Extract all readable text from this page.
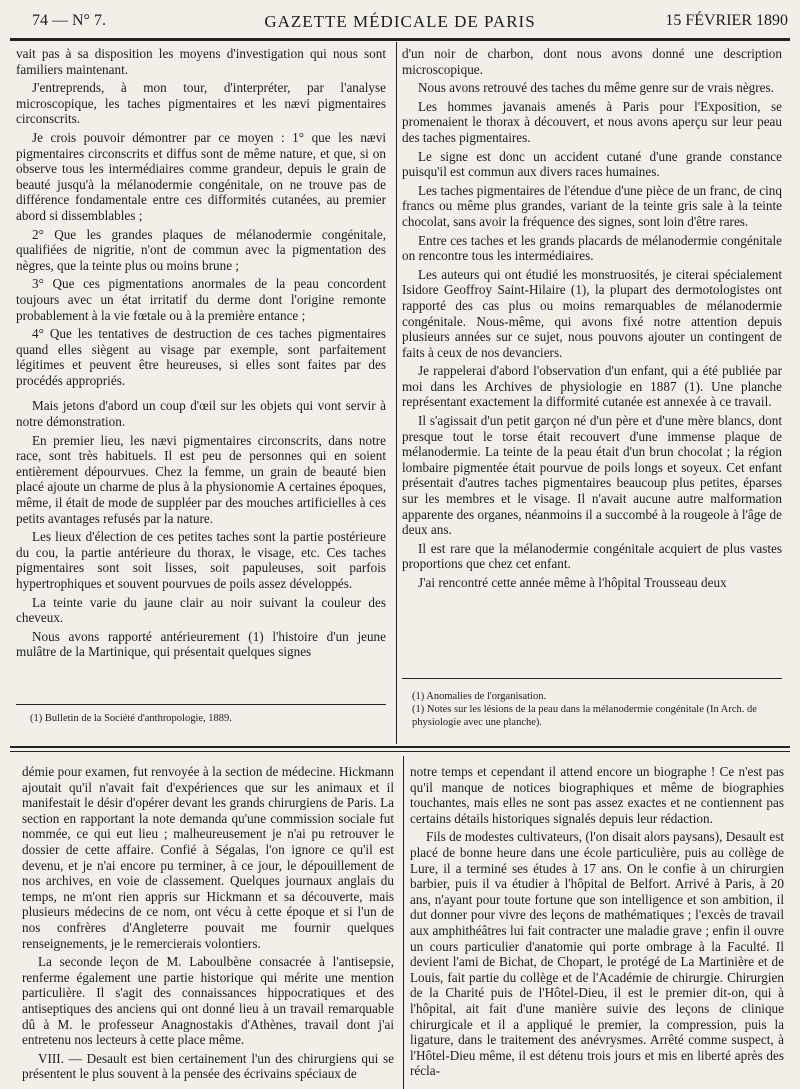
74 — N° 7.	GAZETTE MÉDICALE DE PARIS	15 FÉVRIER 1890

vait pas à sa disposition les moyens d'investigation qui nous sont familiers maintenant.

J'entreprends, à mon tour, d'interpréter, par l'analyse microscopique, les taches pigmentaires et les nævi pigmentaires circonscrits.

Je crois pouvoir démontrer par ce moyen : 1° que les nævi pigmentaires circonscrits et diffus sont de même nature, et que, si on observe tous les intermédiaires comme grandeur, depuis le grain de beauté jusqu'à la mélanodermie congénitale, on ne trouve pas de différence fondamentale entre ces difformités cutanées, au premier abord si dissemblables ;

2° Que les grandes plaques de mélanodermie congénitale, qualifiées de nigritie, n'ont de commun avec la pigmentation des nègres, que la teinte plus ou moins brune ;

3° Que ces pigmentations anormales de la peau concordent toujours avec un état irritatif du derme dont l'origine remonte probablement à la vie fœtale ou à la première entance ;

4° Que les tentatives de destruction de ces taches pigmentaires quand elles siègent au visage par exemple, sont parfaitement légitimes et peuvent être heureuses, si elles sont faites par des procédés appropriés.

Mais jetons d'abord un coup d'œil sur les objets qui vont servir à notre démonstration.

En premier lieu, les nævi pigmentaires circonscrits, dans notre race, sont très habituels. Il est peu de personnes qui en soient entièrement dépourvues. Chez la femme, un grain de beauté bien placé ajoute un charme de plus à la physionomie A certaines époques, même, il était de mode de suppléer par des mouches artificielles à ces petits avantages refusés par la nature.

Les lieux d'élection de ces petites taches sont la partie postérieure du cou, la partie antérieure du thorax, le visage, etc. Ces taches pigmentaires sont soit lisses, soit papuleuses, soit parfois hypertrophiques et souvent pourvues de poils assez développés.

La teinte varie du jaune clair au noir suivant la couleur des cheveux.

Nous avons rapporté antérieurement (1) l'histoire d'un jeune mulâtre de la Martinique, qui présentait quelques signes

(1) Bulletin de la Société d'anthropologie, 1889.

d'un noir de charbon, dont nous avons donné une description microscopique.

Nous avons retrouvé des taches du même genre sur de vrais nègres.

Les hommes javanais amenés à Paris pour l'Exposition, se promenaient le thorax à découvert, et nous avons aperçu sur leur peau des taches pigmentaires.

Le signe est donc un accident cutané d'une grande constance puisqu'il est commun aux divers races humaines.

Les taches pigmentaires de l'étendue d'une pièce de un franc, de cinq francs ou même plus grandes, variant de la teinte gris sale à la teinte chocolat, sans avoir la fréquence des signes, sont loin d'être rares.

Entre ces taches et les grands placards de mélanodermie congénitale on rencontre tous les intermédiaires.

Les auteurs qui ont étudié les monstruosités, je citerai spécialement Isidore Geoffroy Saint-Hilaire (1), la plupart des dermotologistes ont rapporté des cas plus ou moins remarquables de mélanodermie congénitale. Nous-même, qui avons fixé notre attention depuis plusieurs années sur ce sujet, nous pouvons ajouter un contingent de faits à ceux de nos devanciers.

Je rappelerai d'abord l'observation d'un enfant, qui a été publiée par moi dans les Archives de physiologie en 1887 (1). Une planche représentant exactement la difformité cutanée est annexée à ce travail.

Il s'agissait d'un petit garçon né d'un père et d'une mère blancs, dont presque tout le torse était recouvert d'une immense plaque de mélanodermie. La teinte de la peau était d'un brun chocolat ; la région lombaire pigmentée était pourvue de poils longs et soyeux. Cet enfant présentait d'autres taches pigmentaires beaucoup plus petites, éparses sur les membres et le visage. Il n'avait aucune autre malformation apparente des organes, néanmoins il a succombé à la rougeole à l'âge de deux ans.

Il est rare que la mélanodermie congénitale acquiert de plus vastes proportions que chez cet enfant.

J'ai rencontré cette année même à l'hôpital Trousseau deux

(1) Anomalies de l'organisation.

(1) Notes sur les lésions de la peau dans la mélanodermie congénitale (In Arch. de physiologie avec une planche).

démie pour examen, fut renvoyée à la section de médecine. Hickmann ajoutait qu'il n'avait fait d'expériences que sur les animaux et il manifestait le désir d'opérer devant les grands chirurgiens de Paris. La section en rapportant la note demanda qu'une commission sociale fut nommée, ce qui eut lieu ; malheureusement je n'ai pu retrouver le dossier de cette affaire. Confié à Ségalas, l'on ignore ce qu'il est devenu, et je n'ai encore pu terminer, à ce jour, le dépouillement de nos archives, en voie de classement. Quelques journaux anglais du temps, ne m'ont rien appris sur Hickmann et sa découverte, mais plusieurs médecins de ce nom, ont vécu à cette époque et si l'un de nos confrères d'Angleterre pouvait me fournir quelques renseignements, je le remercierais volontiers.

La seconde leçon de M. Laboulbène consacrée à l'antisepsie, renferme également une partie historique qui mérite une mention particulière. Il s'agit des connaissances hippocratiques et des antiseptiques des anciens qui ont donné lieu à un travail remarquable dû à M. le professeur Anagnostakis d'Athènes, travail dont j'ai entretenu nos lecteurs à cette place même.

VIII. — Desault est bien certainement l'un des chirurgiens qui se présentent le plus souvent à la pensée des écrivains spéciaux de

notre temps et cependant il attend encore un biographe ! Ce n'est pas qu'il manque de notices biographiques et même de biographies touchantes, mais elles ne sont pas assez exactes et ne contiennent pas certains détails historiques signalés depuis leur rédaction.

Fils de modestes cultivateurs, (l'on disait alors paysans), Desault est placé de bonne heure dans une école particulière, puis au collège de Lure, il a terminé ses études à 17 ans. On le confie à un chirurgien barbier, puis il va étudier à l'hôpital de Belfort. Arrivé à Paris, à 20 ans, n'ayant pour toute fortune que son intelligence et son ambition, il dut donner pour vivre des leçons de mathématiques ; l'excès de travail aux amphithéâtres lui fait contracter une maladie grave ; enfin il ouvre un cours particulier d'anatomie qui porte ombrage à la Faculté. Il devient l'ami de Bichat, de Chopart, le protégé de La Martinière et de Louis, fait partie du collège et de l'Académie de chirurgie. Chirurgien de la Charité puis de l'Hôtel-Dieu, il est le premier dit-on, qui à l'hôpital, ait fait d'une manière suivie des leçons de clinique chirurgicale et il a appliqué le premier, la compression, puis la ligature, dans le traitement des anévrysmes. Arrêté comme suspect, à l'Hôtel-Dieu même, il est détenu trois jours et mis en liberté après des récla-
